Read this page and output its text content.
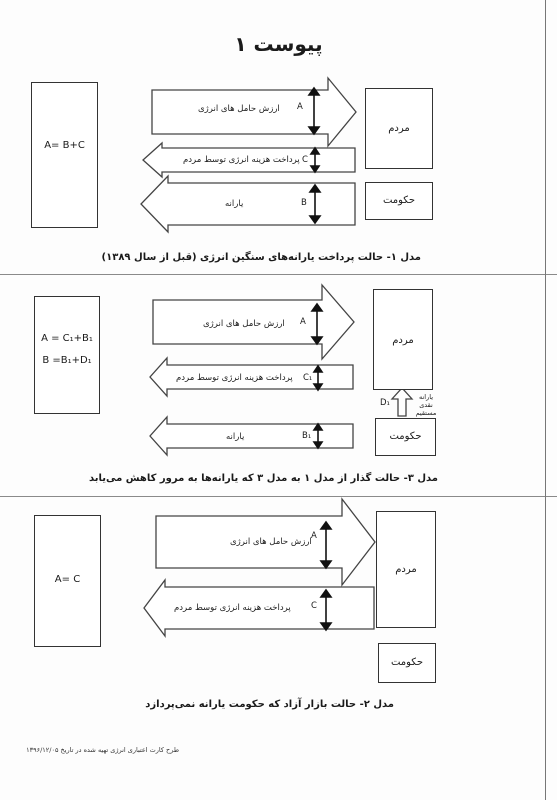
پیوست ۱
A= B+C
مردم
حکومت
ارزش حامل های انرژی A
پرداخت هزینه انرژی توسط مردم C
یارانه	B
مدل ۱- حالت پرداخت یارانه‌های سنگین انرژی (قبل از سال ۱۳۸۹)
A = C₁+B₁
B =B₁+D₁
مردم
حکومت
D₁
یارانه نقدی مستقیم
ارزش حامل های انرژی A
پرداخت هزینه انرژی توسط مردم C₁
یارانه	B₁
مدل ۳- حالت گذار از مدل ۱ به مدل ۳ که یارانه‌ها به مرور کاهش می‌یابد
A= C
مردم
حکومت
ارزش حامل های انرژی
A
پرداخت هزینه انرژی توسط مردم C
مدل ۲- حالت بازار آزاد که حکومت یارانه نمی‌پردازد
طرح کارت اعتباری انرژی تهیه شده در تاریخ ۱۳۹۶/۱۲/۰۵
